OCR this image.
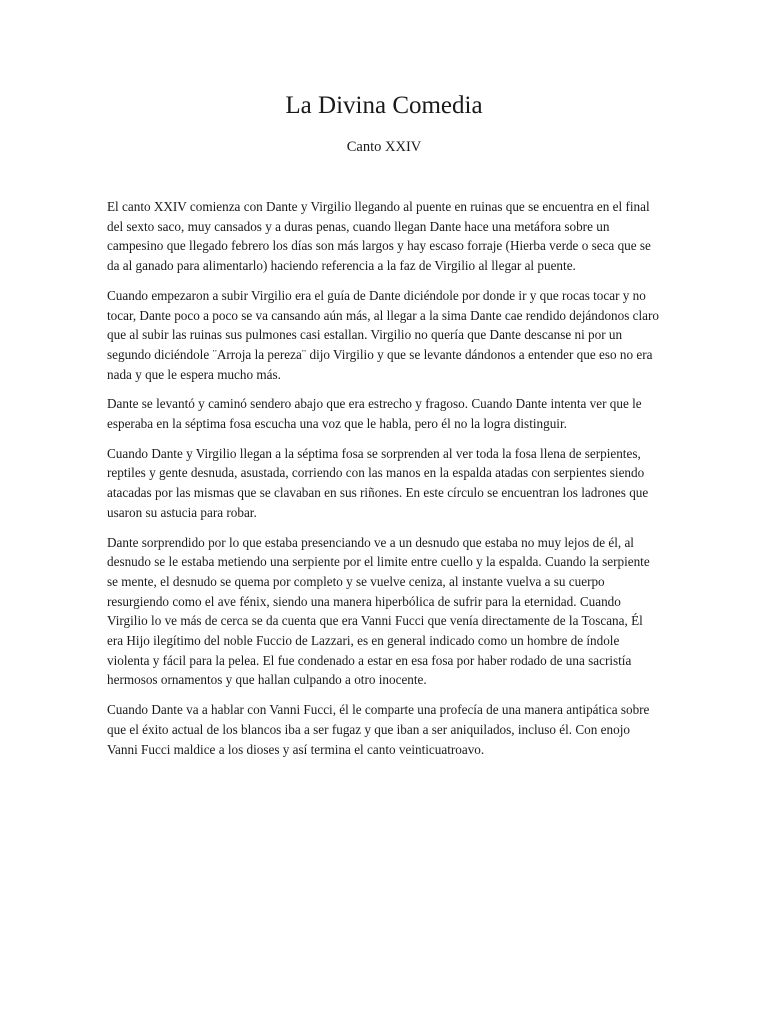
La Divina Comedia
Canto XXIV

El canto XXIV comienza con Dante y Virgilio llegando al puente en ruinas que se encuentra en el final del sexto saco, muy cansados y a duras penas, cuando llegan Dante hace una metáfora sobre un campesino que llegado febrero los días son más largos y hay escaso forraje (Hierba verde o seca que se da al ganado para alimentarlo) haciendo referencia a la faz de Virgilio al llegar al puente.

Cuando empezaron a subir Virgilio era el guía de Dante diciéndole por donde ir y que rocas tocar y no tocar, Dante poco a poco se va cansando aún más, al llegar a la sima Dante cae rendido dejándonos claro que al subir las ruinas sus pulmones casi estallan. Virgilio no quería que Dante descanse ni por un segundo diciéndole ¨Arroja la pereza¨ dijo Virgilio y que se levante dándonos a entender que eso no era nada y que le espera mucho más.

Dante se levantó y caminó sendero abajo que era estrecho y fragoso. Cuando Dante intenta ver que le esperaba en la séptima fosa escucha una voz que le habla, pero él no la logra distinguir.

Cuando Dante y Virgilio llegan a la séptima fosa se sorprenden al ver toda la fosa llena de serpientes, reptiles y gente desnuda, asustada, corriendo con las manos en la espalda atadas con serpientes siendo atacadas por las mismas que se clavaban en sus riñones. En este círculo se encuentran los ladrones que usaron su astucia para robar.

Dante sorprendido por lo que estaba presenciando ve a un desnudo que estaba no muy lejos de él, al desnudo se le estaba metiendo una serpiente por el limite entre cuello y la espalda. Cuando la serpiente se mente, el desnudo se quema por completo y se vuelve ceniza, al instante vuelva a su cuerpo resurgiendo como el ave fénix, siendo una manera hiperbólica de sufrir para la eternidad. Cuando Virgilio lo ve más de cerca se da cuenta que era Vanni Fucci que venía directamente de la Toscana, Él era Hijo ilegítimo del noble Fuccio de Lazzari, es en general indicado como un hombre de índole violenta y fácil para la pelea. El fue condenado a estar en esa fosa por haber rodado de una sacristía hermosos ornamentos y que hallan culpando a otro inocente.

Cuando Dante va a hablar con Vanni Fucci, él le comparte una profecía de una manera antipática sobre que el éxito actual de los blancos iba a ser fugaz y que iban a ser aniquilados, incluso él. Con enojo Vanni Fucci maldice a los dioses y así termina el canto veinticuatroavo.
